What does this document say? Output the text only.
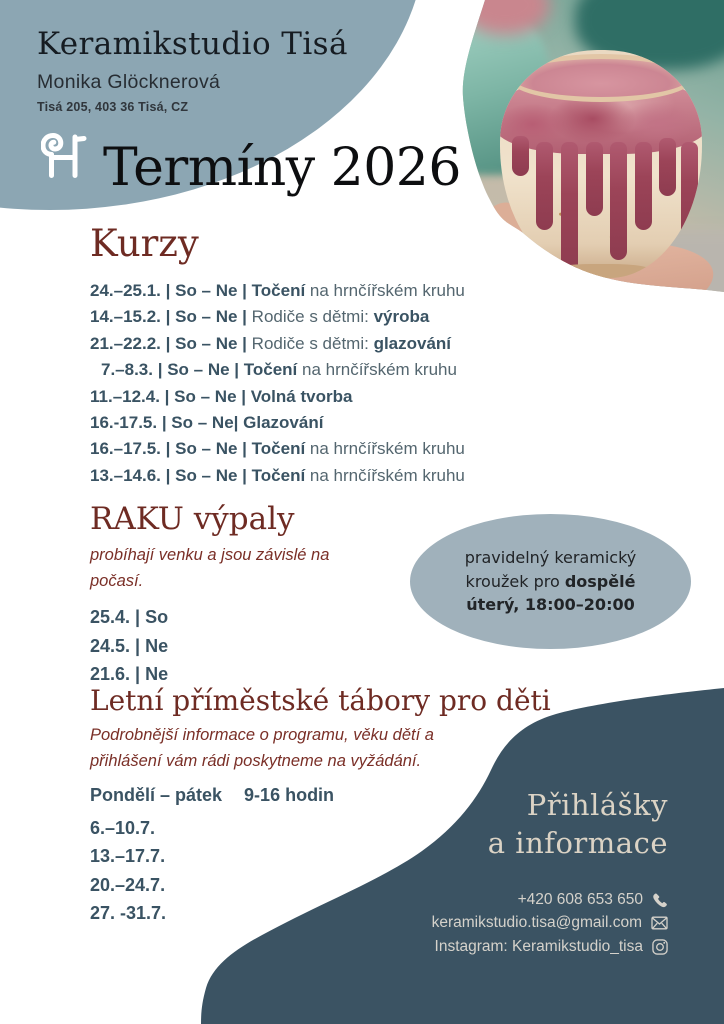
Keramikstudio Tisá
Monika Glöcknerová
Tisá 205, 403 36 Tisá, CZ
Termíny 2026
Kurzy
24.–25.1. | So – Ne | Točení na hrnčířském kruhu
14.–15.2. | So – Ne | Rodiče s dětmi: výroba
21.–22.2. | So – Ne | Rodiče s dětmi: glazování
7.–8.3. | So – Ne | Točení na hrnčířském kruhu
11.–12.4. | So – Ne | Volná tvorba
16.-17.5. | So – Ne| Glazování
16.–17.5. | So – Ne | Točení na hrnčířském kruhu
13.–14.6. | So – Ne | Točení na hrnčířském kruhu
RAKU výpaly
probíhají venku a jsou závislé na
počasí.
25.4. | So
24.5. | Ne
21.6. | Ne
pravidelný keramický
kroužek pro dospělé
úterý, 18:00–20:00
Letní příměstské tábory pro děti
Podrobnější informace o programu, věku dětí a
přihlášení vám rádi poskytneme na vyžádání.
Pondělí – pátek 9-16 hodin
6.–10.7.
13.–17.7.
20.–24.7.
27. -31.7.
Přihlášky
a informace
+420 608 653 650
keramikstudio.tisa@gmail.com
Instagram: Keramikstudio_tisa
